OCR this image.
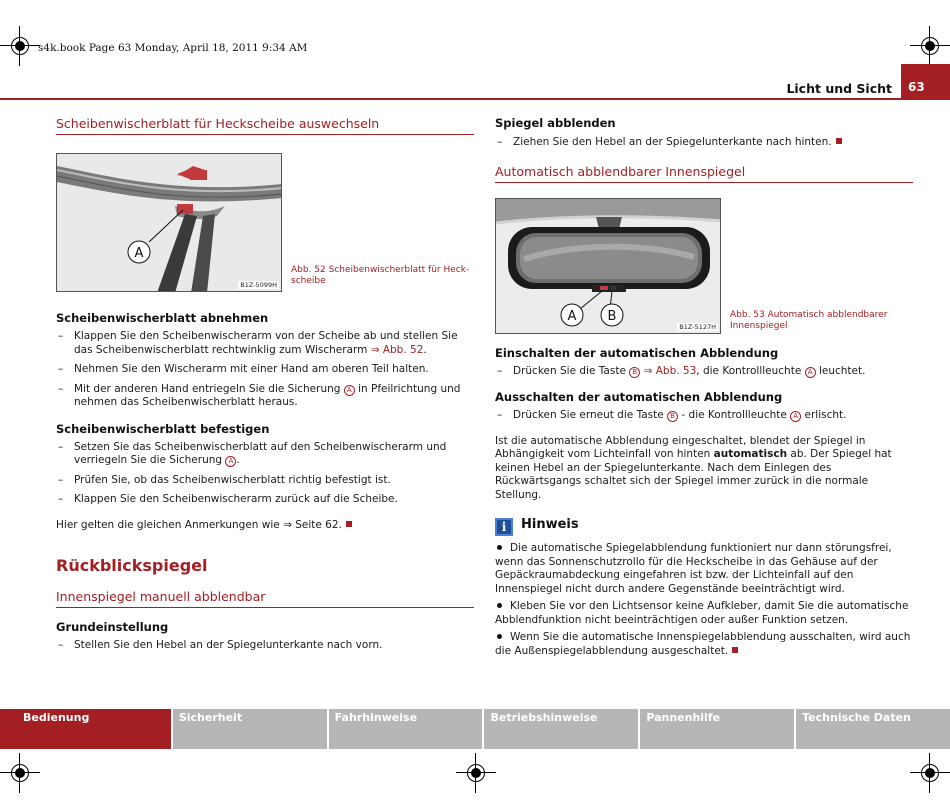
s4k.book Page 63 Monday, April 18, 2011 9:34 AM
Licht und Sicht	63
Scheibenwischerblatt für Heckscheibe auswechseln
A
B1Z-5099H
Abb. 52 Scheibenwischerblatt für Heck-
scheibe
Scheibenwischerblatt abnehmen
– Klappen Sie den Scheibenwischerarm von der Scheibe ab und stellen Sie das Scheibenwischerblatt rechtwinklig zum Wischerarm ⇒ Abb. 52.
– Nehmen Sie den Wischerarm mit einer Hand am oberen Teil halten.
– Mit der anderen Hand entriegeln Sie die Sicherung A in Pfeilrichtung und nehmen das Scheibenwischerblatt heraus.
Scheibenwischerblatt befestigen
– Setzen Sie das Scheibenwischerblatt auf den Scheibenwischerarm und verriegeln Sie die Sicherung A .
– Prüfen Sie, ob das Scheibenwischerblatt richtig befestigt ist.
– Klappen Sie den Scheibenwischerarm zurück auf die Scheibe.
Hier gelten die gleichen Anmerkungen wie ⇒ Seite 62.
Rückblickspiegel
Innenspiegel manuell abblendbar
Grundeinstellung
– Stellen Sie den Hebel an der Spiegelunterkante nach vorn.
Spiegel abblenden
– Ziehen Sie den Hebel an der Spiegelunterkante nach hinten.
Automatisch abblendbarer Innenspiegel
A B
B1Z-5127H
Abb. 53 Automatisch abblendbarer
Innenspiegel
Einschalten der automatischen Abblendung
– Drücken Sie die Taste B ⇒ Abb. 53, die Kontrollleuchte A leuchtet.
Ausschalten der automatischen Abblendung
– Drücken Sie erneut die Taste B - die Kontrollleuchte A erlischt.
Ist die automatische Abblendung eingeschaltet, blendet der Spiegel in Abhängigkeit vom Lichteinfall von hinten automatisch ab. Der Spiegel hat keinen Hebel an der Spiegelunterkante. Nach dem Einlegen des Rückwärtsgangs schaltet sich der Spiegel immer zurück in die normale Stellung.
i Hinweis
Die automatische Spiegelabblendung funktioniert nur dann störungsfrei, wenn das Sonnenschutzrollo für die Heckscheibe in das Gehäuse auf der Gepäckraumabdeckung eingefahren ist bzw. der Lichteinfall auf den Innenspiegel nicht durch andere Gegenstände beeinträchtigt wird.
Kleben Sie vor den Lichtsensor keine Aufkleber, damit Sie die automatische Abblendfunktion nicht beeinträchtigen oder außer Funktion setzen.
Wenn Sie die automatische Innenspiegelabblendung ausschalten, wird auch die Außenspiegelabblendung ausgeschaltet.
Bedienung	Sicherheit	Fahrhinweise	Betriebshinweise	Pannenhilfe	Technische Daten
